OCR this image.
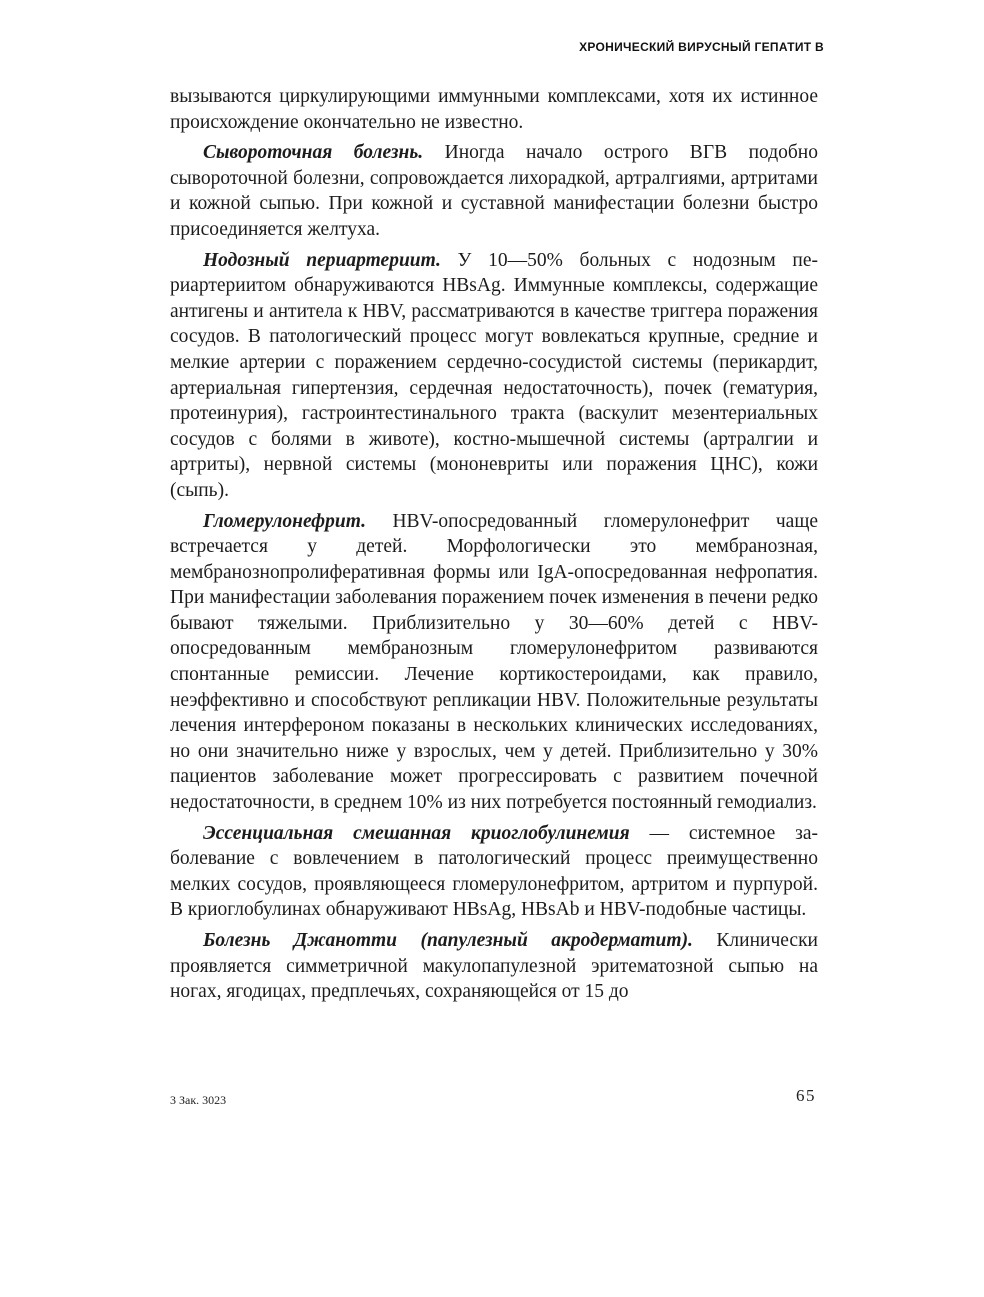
ХРОНИЧЕСКИЙ ВИРУСНЫЙ ГЕПАТИТ В

вызываются циркулирующими иммунными комплексами, хотя их истинное происхождение окончательно не известно.

Сывороточная болезнь. Иногда начало острого ВГВ подобно сывороточной болезни, сопровождается лихорадкой, артралгиями, артритами и кожной сыпью. При кожной и суставной манифестации болезни быстро присоединяется желтуха.

Нодозный периартериит. У 10—50% больных с нодозным периартериитом обнаруживаются HBsAg. Иммунные комплексы, содержащие антигены и антитела к HBV, рассматриваются в качестве триггера поражения сосудов. В патологический процесс могут вовлекаться крупные, средние и мелкие артерии с поражением сердечно-сосудистой системы (перикардит, артериальная гипертензия, сердечная недостаточность), почек (гематурия, протеинурия), гастроинтестинального тракта (васкулит мезентериальных сосудов с болями в животе), костно-мышечной системы (артралгии и артриты), нервной системы (мононевриты или поражения ЦНС), кожи (сыпь).

Гломерулонефрит. HBV-опосредованный гломерулонефрит чаще встречается у детей. Морфологически это мембранозная, мембранознопролиферативная формы или IgA-опосредованная нефропатия. При манифестации заболевания поражением почек изменения в печени редко бывают тяжелыми. Приблизительно у 30—60% детей с HBV-опосредованным мембранозным гломерулонефритом развиваются спонтанные ремиссии. Лечение кортикостероидами, как правило, неэффективно и способствуют репликации HBV. Положительные результаты лечения интерфероном показаны в нескольких клинических исследованиях, но они значительно ниже у взрослых, чем у детей. Приблизительно у 30% пациентов заболевание может прогрессировать с развитием почечной недостаточности, в среднем 10% из них потребуется постоянный гемодиализ.

Эссенциальная смешанная криоглобулинемия — системное заболевание с вовлечением в патологический процесс преимущественно мелких сосудов, проявляющееся гломерулонефритом, артритом и пурпурой. В криоглобулинах обнаруживают HBsAg, HBsAb и HBV-подобные частицы.

Болезнь Джанотти (папулезный акродерматит). Клинически проявляется симметричной макулопапулезной эритематозной сыпью на ногах, ягодицах, предплечьях, сохраняющейся от 15 до

3 Зак. 3023	65
